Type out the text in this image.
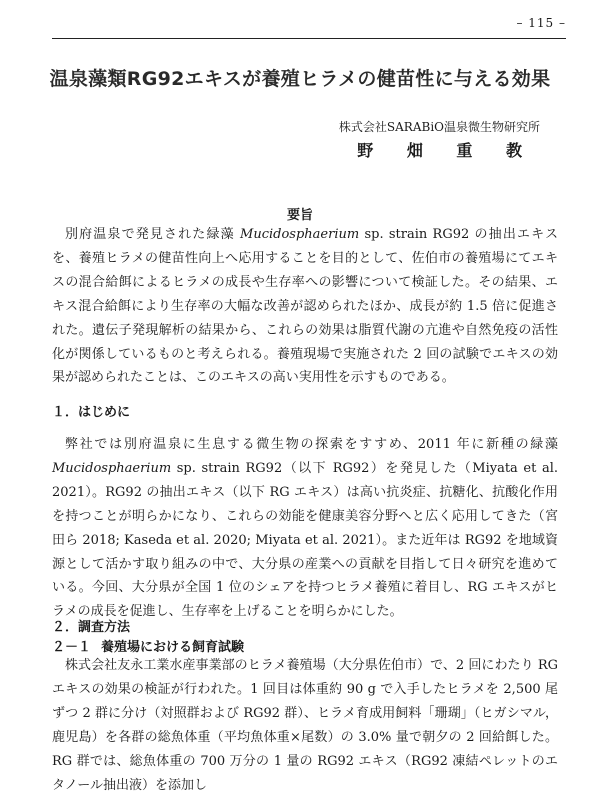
– 115 –
温泉藻類RG92エキスが養殖ヒラメの健苗性に与える効果
株式会社SARABiO温泉微生物研究所
野 畑 重 教
要旨

別府温泉で発見された緑藻 Mucidosphaerium sp. strain RG92 の抽出エキスを、養殖ヒラメの健苗性向上へ応用することを目的として、佐伯市の養殖場にてエキスの混合給餌によるヒラメの成長や生存率への影響について検証した。その結果、エキス混合給餌により生存率の大幅な改善が認められたほか、成長が約 1.5 倍に促進された。遺伝子発現解析の結果から、これらの効果は脂質代謝の亢進や自然免疫の活性化が関係しているものと考えられる。養殖現場で実施された 2 回の試験でエキスの効果が認められたことは、このエキスの高い実用性を示すものである。

１．はじめに

弊社では別府温泉に生息する微生物の探索をすすめ、2011 年に新種の緑藻 Mucidosphaerium sp. strain RG92（以下 RG92）を発見した（Miyata et al. 2021）。RG92 の抽出エキス（以下 RG エキス）は高い抗炎症、抗糖化、抗酸化作用を持つことが明らかになり、これらの効能を健康美容分野へと広く応用してきた（宮田ら 2018; Kaseda et al. 2020; Miyata et al. 2021）。また近年は RG92 を地域資源として活かす取り組みの中で、大分県の産業への貢献を目指して日々研究を進めている。今回、大分県が全国 1 位のシェアを持つヒラメ養殖に着目し、RG エキスがヒラメの成長を促進し、生存率を上げることを明らかにした。

２．調査方法
２－１ 養殖場における飼育試験

株式会社友永工業水産事業部のヒラメ養殖場（大分県佐伯市）で、2 回にわたり RG エキスの効果の検証が行われた。1 回目は体重約 90 g で入手したヒラメを 2,500 尾ずつ 2 群に分け（対照群および RG92 群）、ヒラメ育成用飼料「珊瑚」（ヒガシマル，鹿児島）を各群の総魚体重（平均魚体重×尾数）の 3.0% 量で朝夕の 2 回給餌した。RG 群では、総魚体重の 700 万分の 1 量の RG92 エキス（RG92 凍結ペレットのエタノール抽出液）を添加し
